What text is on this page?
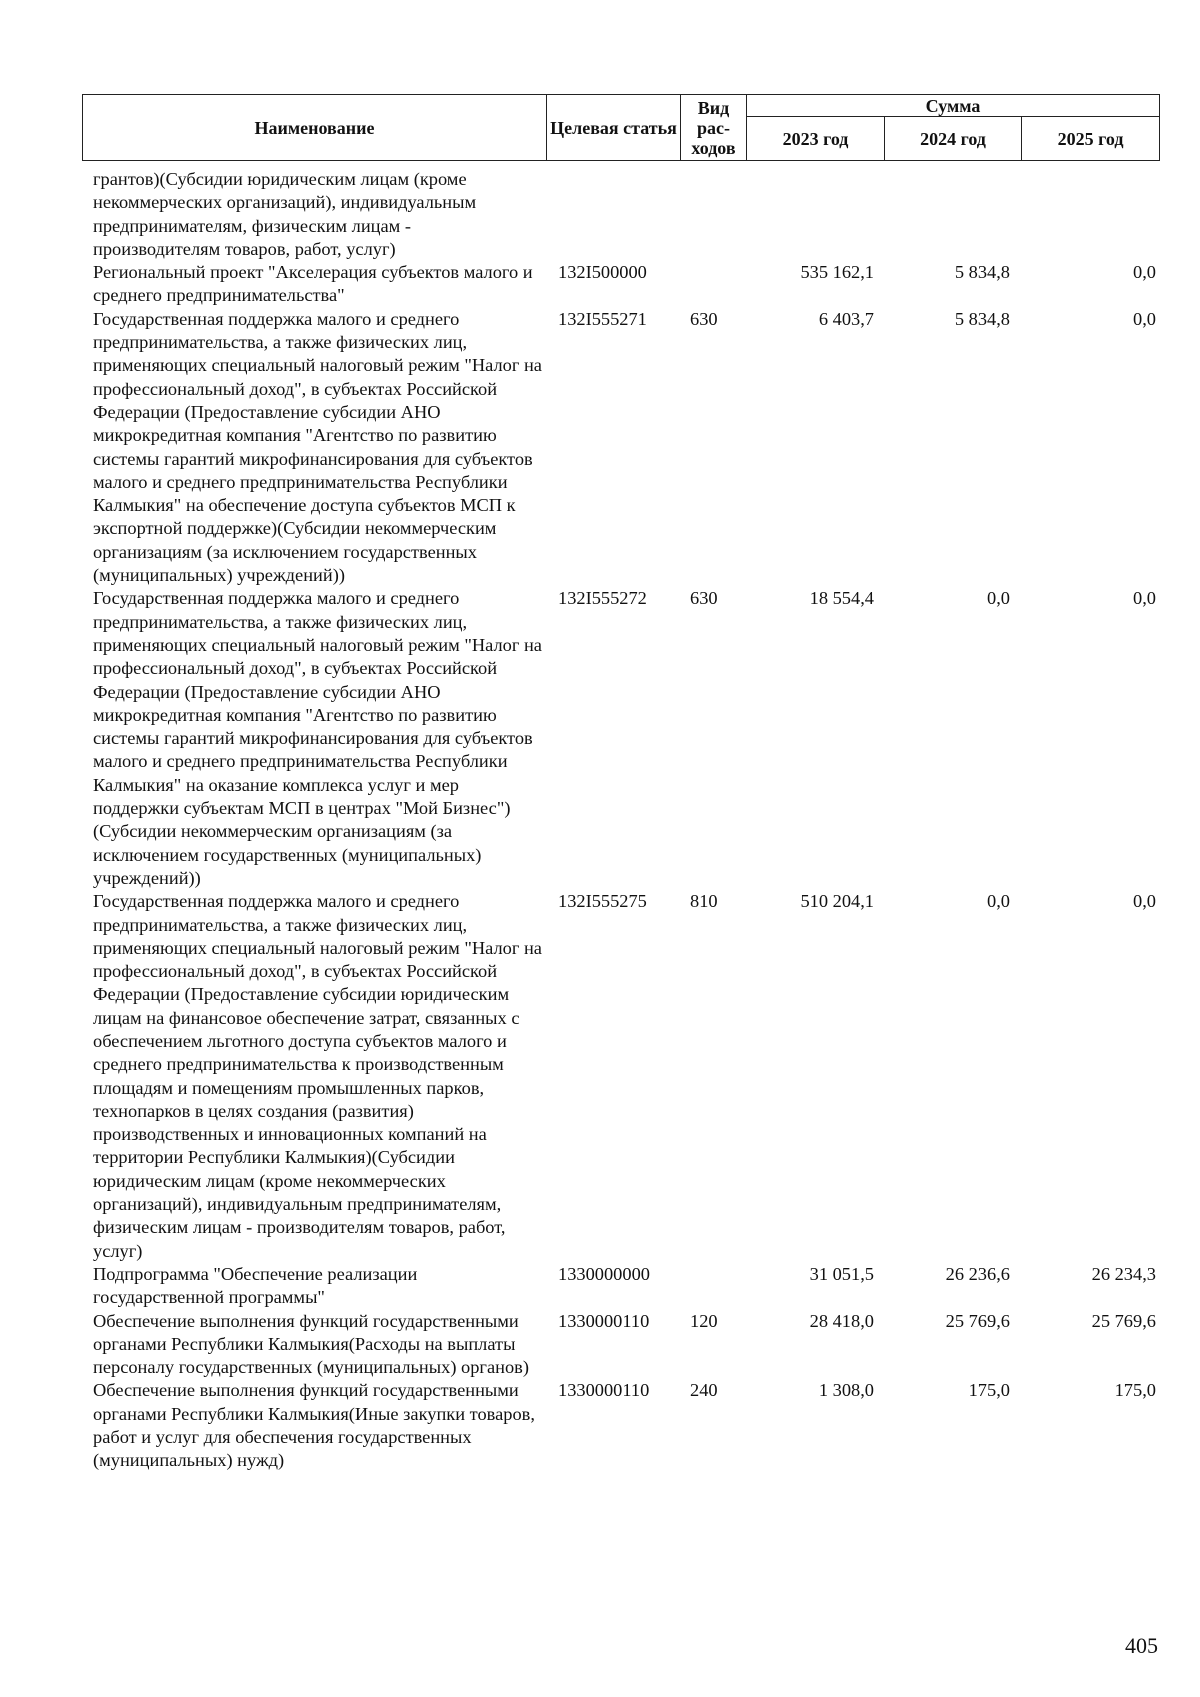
Наименование	Целевая статья	Вид рас-ходов	Сумма		
			2023 год	2024 год	2025 год
грантов)(Субсидии юридическим лицам (кроме некоммерческих организаций), индивидуальным предпринимателям, физическим лицам - производителям товаров, работ, услуг)					
Региональный проект "Акселерация субъектов малого и среднего предпринимательства"	132I500000		535 162,1	5 834,8	0,0
Государственная поддержка малого и среднего предпринимательства, а также физических лиц, применяющих специальный налоговый режим "Налог на профессиональный доход", в субъектах Российской Федерации (Предоставление субсидии АНО микрокредитная компания "Агентство по развитию системы гарантий микрофинансирования для субъектов малого и среднего предпринимательства Республики Калмыкия" на обеспечение доступа субъектов МСП к экспортной поддержке)(Субсидии некоммерческим организациям (за исключением государственных (муниципальных) учреждений))	132I555271	630	6 403,7	5 834,8	0,0
Государственная поддержка малого и среднего предпринимательства, а также физических лиц, применяющих специальный налоговый режим "Налог на профессиональный доход", в субъектах Российской Федерации (Предоставление субсидии АНО микрокредитная компания "Агентство по развитию системы гарантий микрофинансирования для субъектов малого и среднего предпринимательства Республики Калмыкия" на оказание комплекса услуг и мер поддержки субъектам МСП в центрах "Мой Бизнес")(Субсидии некоммерческим организациям (за исключением государственных (муниципальных) учреждений))	132I555272	630	18 554,4	0,0	0,0
Государственная поддержка малого и среднего предпринимательства, а также физических лиц, применяющих специальный налоговый режим "Налог на профессиональный доход", в субъектах Российской Федерации (Предоставление субсидии юридическим лицам на финансовое обеспечение затрат, связанных с обеспечением льготного доступа субъектов малого и среднего предпринимательства к производственным площадям и помещениям промышленных парков, технопарков в целях создания (развития) производственных и инновационных компаний на территории Республики Калмыкия)(Субсидии юридическим лицам (кроме некоммерческих организаций), индивидуальным предпринимателям, физическим лицам - производителям товаров, работ, услуг)	132I555275	810	510 204,1	0,0	0,0
Подпрограмма "Обеспечение реализации государственной программы"	1330000000		31 051,5	26 236,6	26 234,3
Обеспечение выполнения функций государственными органами Республики Калмыкия(Расходы на выплаты персоналу государственных (муниципальных) органов)	1330000110	120	28 418,0	25 769,6	25 769,6
Обеспечение выполнения функций государственными органами Республики Калмыкия(Иные закупки товаров, работ и услуг для обеспечения государственных (муниципальных) нужд)	1330000110	240	1 308,0	175,0	175,0
405
